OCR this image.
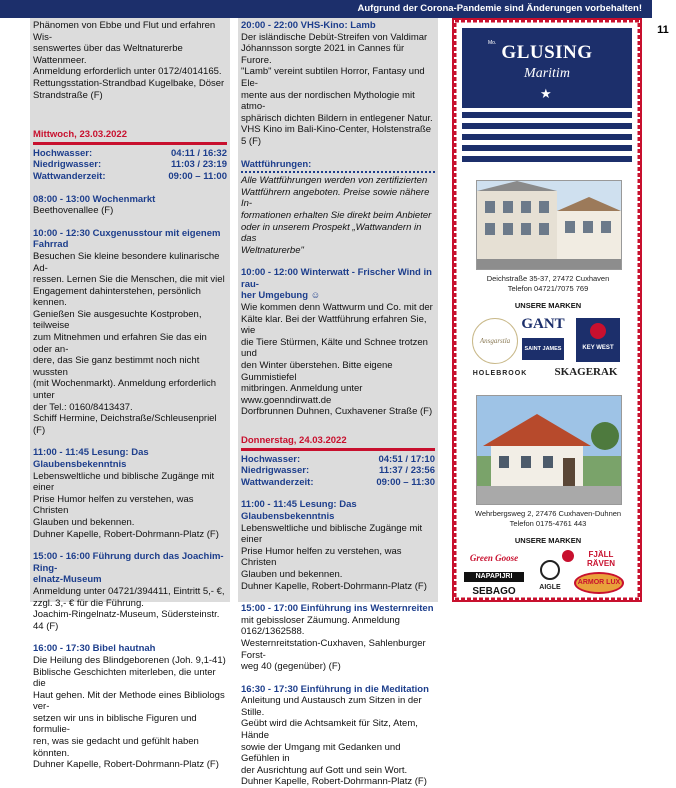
Aufgrund der Corona-Pandemie sind Änderungen vorbehalten!
11

Phänomen von Ebbe und Flut und erfahren Wis-

senswertes über das Weltnaturerbe Wattenmeer.

Anmeldung erforderlich unter 0172/4014165.

Rettungsstation-Strandbad Kugelbake, Döser

Strandstraße (F)

Mittwoch, 23.03.2022

Hochwasser:	04:11 / 16:32
Niedrigwasser:	11:03 / 23:19
Wattwanderzeit:	09:00 – 11:00

08:00 - 13:00 Wochenmarkt

Beethovenallee (F)

10:00 - 12:30 Cuxgenusstour mit eigenem Fahrrad

Besuchen Sie kleine besondere kulinarische Ad-

ressen. Lernen Sie die Menschen, die mit viel

Engagement dahinterstehen, persönlich kennen.

Genießen Sie ausgesuchte Kostproben, teilweise

zum Mitnehmen und erfahren Sie das ein oder an-

dere, das Sie ganz bestimmt noch nicht wussten

(mit Wochenmarkt). Anmeldung erforderlich unter

der Tel.: 0160/8413437.

Schiff Hermine, Deichstraße/Schleusenpriel (F)

11:00 - 11:45 Lesung: Das Glaubensbekenntnis

Lebensweltliche und biblische Zugänge mit einer

Prise Humor helfen zu verstehen, was Christen

Glauben und bekennen.

Duhner Kapelle, Robert-Dohrmann-Platz (F)

15:00 - 16:00 Führung durch das Joachim-Ring-

elnatz-Museum

Anmeldung unter 04721/394411, Eintritt 5,- €,

zzgl. 3,- € für die Führung.

Joachim-Ringelnatz-Museum, Südersteinstr. 44 (F)

16:00 - 17:30 Bibel hautnah

Die Heilung des Blindgeborenen (Joh. 9,1-41)

Biblische Geschichten miterleben, die unter die

Haut gehen. Mit der Methode eines Bibliologs ver-

setzen wir uns in biblische Figuren und formulie-

ren, was sie gedacht und gefühlt haben könnten.

Duhner Kapelle, Robert-Dohrmann-Platz (F)

20:00 - 22:00 VHS-Kino: Lamb

Der isländische Debüt-Streifen von Valdimar

Jóhannsson sorgte 2021 in Cannes für Furore.

"Lamb" vereint subtilen Horror, Fantasy und Ele-

mente aus der nordischen Mythologie mit atmo-

sphärisch dichten Bildern in entlegener Natur.

VHS Kino im Bali-Kino-Center, Holstenstraße 5 (F)

Wattführungen:

Alle Wattführungen werden von zertifizierten

Wattführern angeboten. Preise sowie nähere In-

formationen erhalten Sie direkt beim Anbieter

oder in unserem Prospekt „Wattwandern in das

Weltnaturerbe"

10:00 - 12:00 Winterwatt - Frischer Wind in rau-

her Umgebung ☺

Wie kommen denn Wattwurm und Co. mit der

Kälte klar. Bei der Wattführung erfahren Sie, wie

die Tiere Stürmen, Kälte und Schnee trotzen und

den Winter überstehen. Bitte eigene Gummistiefel

mitbringen. Anmeldung unter www.goenndirwatt.de

Dorfbrunnen Duhnen, Cuxhavener Straße (F)

Donnerstag, 24.03.2022

Hochwasser:	04:51 / 17:10
Niedrigwasser:	11:37 / 23:56
Wattwanderzeit:	09:00 – 11:30

11:00 - 11:45 Lesung: Das Glaubensbekenntnis

Lebensweltliche und biblische Zugänge mit einer

Prise Humor helfen zu verstehen, was Christen

Glauben und bekennen.

Duhner Kapelle, Robert-Dohrmann-Platz (F)

15:00 - 17:00 Einführung ins Westernreiten

mit gebissloser Zäumung. Anmeldung

0162/1362588.

Westernreitstation-Cuxhaven, Sahlenburger Forst-

weg 40 (gegenüber) (F)

16:30 - 17:30 Einführung in die Meditation

Anleitung und Austausch zum Sitzen in der Stille.

Geübt wird die Achtsamkeit für Sitz, Atem, Hände

sowie der Umgang mit Gedanken und Gefühlen in

der Ausrichtung auf Gott und sein Wort.

Duhner Kapelle, Robert-Dohrmann-Platz (F)

Mo. GLUSING
Maritim
★
Deichstraße 35-37, 27472 Cuxhaven
Telefon 04721/7075 769
UNSERE MARKEN
Ansgarstla
GANT
SAINT JAMES	KEY WEST
HOLEBROOK	SKAGERAK
Wehrbergsweg 2, 27476 Cuxhaven-Duhnen
Telefon 0175-4761 443
UNSERE MARKEN
Green Goose	FJÄLL RÄVEN
NAPAPIJRI
SEBAGO	AIGLE
ARMOR LUX
